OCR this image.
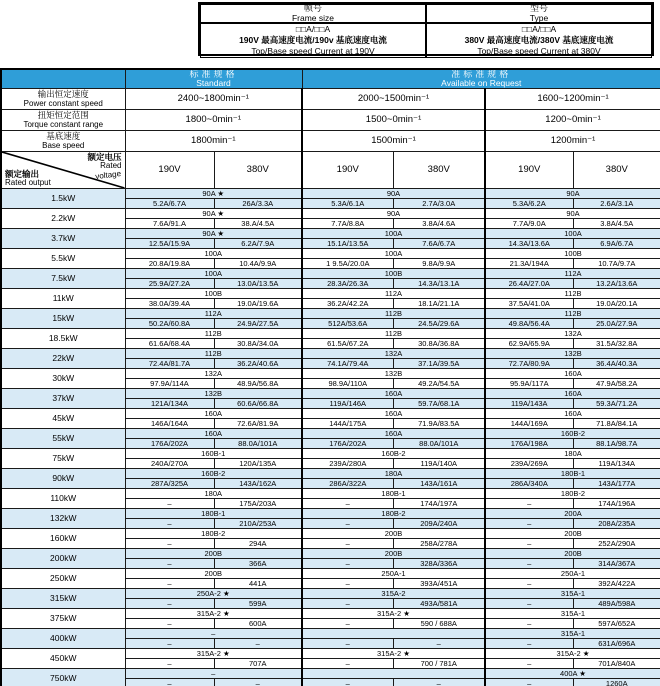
帧号
Frame size
型号
Type
□□A/□□A
190V 最高速度电流/190v 基底速度电流
Top/Base speed Current at 190V
□□A/□□A
380V 最高速度电流/380V 基底速度电流
Top/Base speed Current at 380V

	标准规格
Standard		准标准规格
Available on Request			

输出恒定速度
Power constant speed	2400~1800min⁻¹		2000~1500min⁻¹		1600~1200min⁻¹	

扭矩恒定范围
Torque constant range	1800~0min⁻¹		1500~0min⁻¹		1200~0min⁻¹	

基底速度
Base speed	1800min⁻¹		1500min⁻¹		1200min⁻¹	

额定电压
Rated
voltage
额定输出
Rated output	190V	380V	190V	380V	190V	380V
1.5kW	90A ★		90A		90A	
	5.2A/6.7A	26A/3.3A	5.3A/6.1A	2.7A/3.0A	5.3A/6.2A	2.6A/3.1A
2.2kW	90A ★		90A		90A	
	7.6A/91.A	38.A/4.5A	7.7A/8.8A	3.8A/4.6A	7.7A/9.0A	3.8A/4.5A
3.7kW	90A ★		100A		100A	
	12.5A/15.9A	6.2A/7.9A	15.1A/13.5A	7.6A/6.7A	14.3A/13.6A	6.9A/6.7A
5.5kW	100A		100A		100B	
	20.8A/19.8A	10.4A/9.9A	1 9.5A/20.0A	9.8A/9.9A	21.3A/194A	10.7A/9.7A
7.5kW	100A		100B		112A	
	25.9A/27.2A	13.0A/13.5A	28.3A/26.3A	14.3A/13.1A	26.4A/27.0A	13.2A/13.6A
11kW	100B		112A		112B	
	38.0A/39.4A	19.0A/19.6A	36.2A/42.2A	18.1A/21.1A	37.5A/41.0A	19.0A/20.1A
15kW	112A		112B		112B	
	50.2A/60.8A	24.9A/27.5A	512A/53.6A	24.5A/29.6A	49.8A/56.4A	25.0A/27.9A
18.5kW	112B		112B		132A	
	61.6A/68.4A	30.8A/34.0A	61.5A/67.2A	30.8A/36.8A	62.9A/65.9A	31.5A/32.8A
22kW	112B		132A		132B	
	72.4A/81.7A	36.2A/40.6A	74.1A/79.4A	37.1A/39.5A	72.7A/80.9A	36.4A/40.3A
30kW	132A		132B		160A	
	97.9A/114A	48.9A/56.8A	98.9A/110A	49.2A/54.5A	95.9A/117A	47.9A/58.2A
37kW	132B		160A		160A	
	121A/134A	60.6A/66.8A	119A/146A	59.7A/68.1A	119A/143A	59.3A/71.2A
45kW	160A		160A		160A	
	146A/164A	72.6A/81.9A	144A/175A	71.9A/83.5A	144A/169A	71.8A/84.1A
55kW	160A		160A		160B-2	
	176A/202A	88.0A/101A	176A/202A	88.0A/101A	176A/198A	88.1A/98.7A
75kW	160B-1		160B-2		180A	
	240A/270A	120A/135A	239A/280A	119A/140A	239A/269A	119A/134A
90kW	160B-2		180A		180B-1	
	287A/325A	143A/162A	286A/322A	143A/161A	286A/340A	143A/177A
110kW	180A		180B-1		180B-2	
	–	175A/203A	–	174A/197A	–	174A/196A
132kW	180B-1		180B-2		200A	
	–	210A/253A	–	209A/240A	–	208A/235A
160kW	180B-2		200B		200B	
	–	294A	–	258A/278A	–	252A/290A
200kW	200B		200B		200B	
	–	366A	–	328A/336A	–	314A/367A
250kW	200B		250A-1		250A-1	
	–	441A	–	393A/451A	–	392A/422A
315kW	250A-2 ★		315A-2		315A-1	
	–	599A	–	493A/581A	–	489A/598A
375kW	315A-2 ★		315A-2 ★		315A-1	
	–	600A	–	590 / 688A	–	597A/652A
400kW	–				315A-1	
	–	–	–	–	–	631A/696A
450kW	315A-2 ★		315A-2 ★		315A-2 ★	
	–	707A	–	700 / 781A	–	701A/840A
750kW	–				400A ★	
	–	–	–	–	–	1260A
